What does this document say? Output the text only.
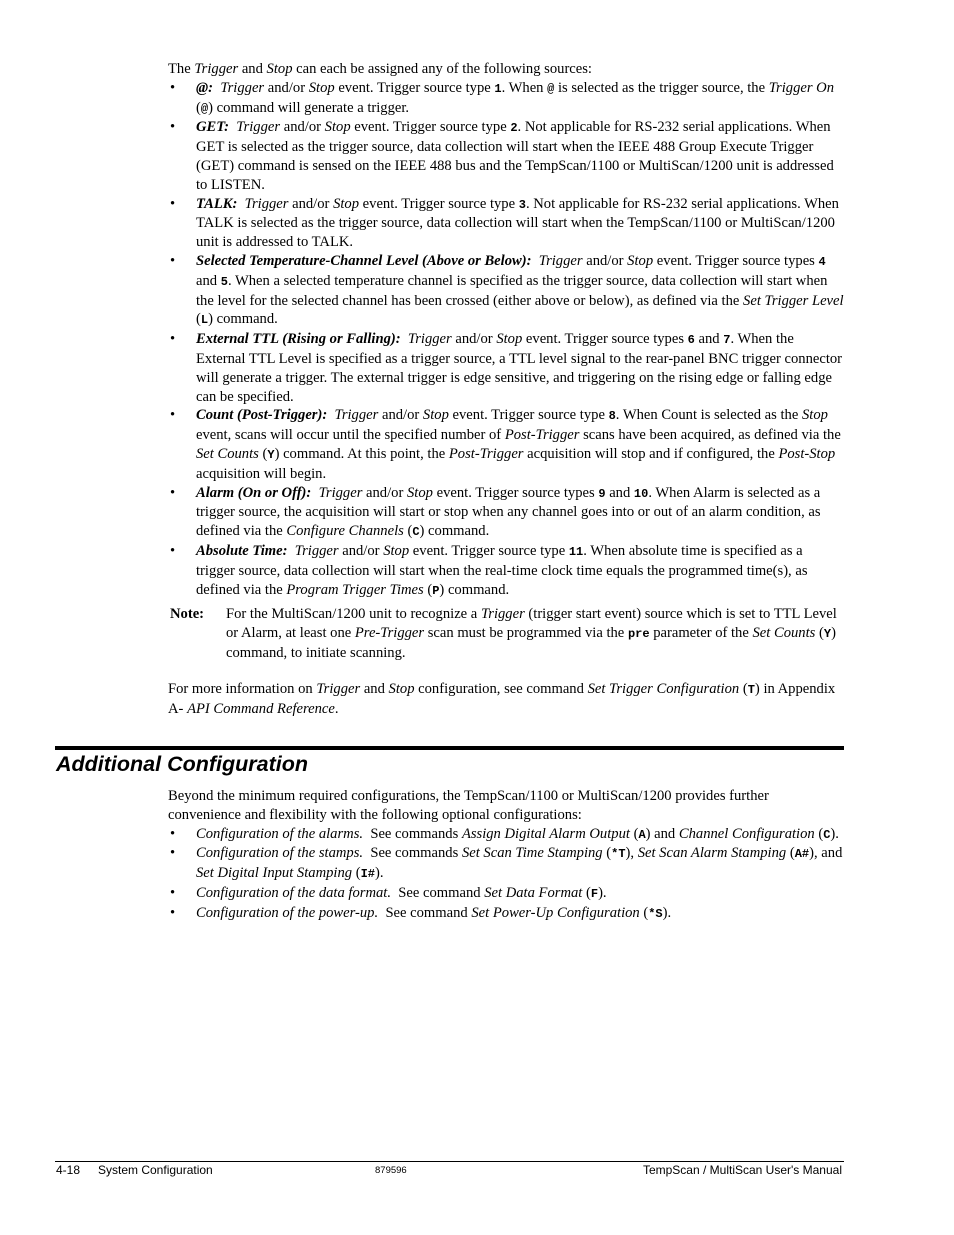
The Trigger and Stop can each be assigned any of the following sources:

• @: Trigger and/or Stop event. Trigger source type 1. When @ is selected as the trigger source, the Trigger On (@) command will generate a trigger.
• GET: Trigger and/or Stop event. Trigger source type 2. Not applicable for RS-232 serial applications. When GET is selected as the trigger source, data collection will start when the IEEE 488 Group Execute Trigger (GET) command is sensed on the IEEE 488 bus and the TempScan/1100 or MultiScan/1200 unit is addressed to LISTEN.
• TALK: Trigger and/or Stop event. Trigger source type 3. Not applicable for RS-232 serial applications. When TALK is selected as the trigger source, data collection will start when the TempScan/1100 or MultiScan/1200 unit is addressed to TALK.
• Selected Temperature-Channel Level (Above or Below): Trigger and/or Stop event. Trigger source types 4 and 5. When a selected temperature channel is specified as the trigger source, data collection will start when the level for the selected channel has been crossed (either above or below), as defined via the Set Trigger Level (L) command.
• External TTL (Rising or Falling): Trigger and/or Stop event. Trigger source types 6 and 7. When the External TTL Level is specified as a trigger source, a TTL level signal to the rear-panel BNC trigger connector will generate a trigger. The external trigger is edge sensitive, and triggering on the rising edge or falling edge can be specified.
• Count (Post-Trigger): Trigger and/or Stop event. Trigger source type 8. When Count is selected as the Stop event, scans will occur until the specified number of Post-Trigger scans have been acquired, as defined via the Set Counts (Y) command. At this point, the Post-Trigger acquisition will stop and if configured, the Post-Stop acquisition will begin.
• Alarm (On or Off): Trigger and/or Stop event. Trigger source types 9 and 10. When Alarm is selected as a trigger source, the acquisition will start or stop when any channel goes into or out of an alarm condition, as defined via the Configure Channels (C) command.
• Absolute Time: Trigger and/or Stop event. Trigger source type 11. When absolute time is specified as a trigger source, data collection will start when the real-time clock time equals the programmed time(s), as defined via the Program Trigger Times (P) command.
Note: For the MultiScan/1200 unit to recognize a Trigger (trigger start event) source which is set to TTL Level or Alarm, at least one Pre-Trigger scan must be programmed via the pre parameter of the Set Counts (Y) command, to initiate scanning.

For more information on Trigger and Stop configuration, see command Set Trigger Configuration (T) in Appendix A- API Command Reference.

Additional Configuration

Beyond the minimum required configurations, the TempScan/1100 or MultiScan/1200 provides further convenience and flexibility with the following optional configurations:

• Configuration of the alarms. See commands Assign Digital Alarm Output (A) and Channel Configuration (C).
• Configuration of the stamps. See commands Set Scan Time Stamping (*T), Set Scan Alarm Stamping (A#), and Set Digital Input Stamping (I#).
• Configuration of the data format. See command Set Data Format (F).
• Configuration of the power-up. See command Set Power-Up Configuration (*S).
4-18 System Configuration	879596	TempScan / MultiScan User's Manual
